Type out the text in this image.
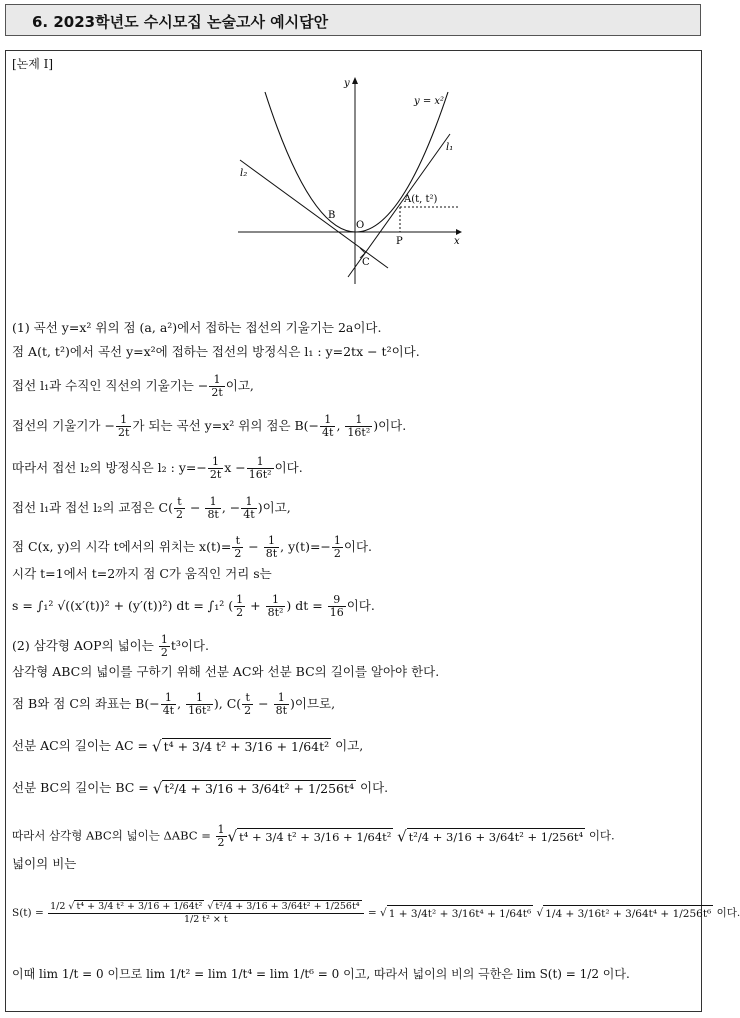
6. 2023학년도 수시모집 논술고사 예시답안
[논제 I]
y
x
y = x²
l₁
l₂
B
O
A(t, t²)
P
C
(1) 곡선 y=x² 위의 점 (a, a²)에서 접하는 접선의 기울기는 2a이다.
점 A(t, t²)에서 곡선 y=x²에 접하는 접선의 방정식은 l₁ : y=2tx − t²이다.
접선 l₁과 수직인 직선의 기울기는 − $\frac{1}{2t}$ 이고,
접선의 기울기가 − $\frac{1}{2t}$ 가 되는 곡선 y=x² 위의 점은 $B(- \frac{1}{4t}$ , $\frac{1}{\text{16t²}}$ )이다.
따라서 접선 l₂의 방정식은 l₂ : $y=- \frac{1}{2t}$ $x - \frac{1}{\text{16t²}}$ 이다.
접선 l₁과 접선 l₂의 교점은 $C( \frac{t}{2} - \frac{1}{8t}$ , − $\frac{1}{4t}$ )이고,
점 C(x, y)의 시각 t에서의 위치는 $x(t)= \frac{t}{2} - \frac{1}{8t}$ , $y(t)=- \frac{1}{2}$ 이다.
시각 t=1에서 t=2까지 점 C가 움직인 거리 s는
s = ∫₁² √((x′(t))² + (y′(t))²) dt = ∫₁² ( $\frac{1}{2} + \frac{1}{\text{8t²}}$ ) dt = $\frac{9}{16}$ 이다.
(2) 삼각형 AOP의 넓이는 $\frac{1}{2} t^3$이다.
삼각형 ABC의 넓이를 구하기 위해 선분 AC와 선분 BC의 길이를 알아야 한다.
점 B와 점 C의 좌표는 $B(- \frac{1}{4t}$ , $\frac{1}{\text{16t²}}$ ), $C( \frac{t}{2} - \frac{1}{8t}$ )이므로,
선분 AC의 길이는 AC = √ t⁴ + 3/4 t² + 3/16 + 1/64t² 이고,
선분 BC의 길이는 BC = √ t²/4 + 3/16 + 3/64t² + 1/256t⁴ 이다.
따라서 삼각형 ABC의 넓이는 $\Delta ABC = \frac{1}{2}$ √ t⁴ + 3/4 t² + 3/16 + 1/64t² √ t²/4 + 3/16 + 3/64t² + 1/256t⁴ 이다.
넓이의 비는
S(t) =
1/2 √ t⁴ + 3/4 t² + 3/16 + 1/64t² √ t²/4 + 3/16 + 3/64t² + 1/256t⁴
1/2 t² × t
= √ 1 + 3/4t² + 3/16t⁴ + 1/64t⁶ √ 1/4 + 3/16t² + 3/64t⁴ + 1/256t⁶ 이다.
이때 lim 1/t = 0 이므로 lim 1/t² = lim 1/t⁴ = lim 1/t⁶ = 0 이고, 따라서 넓이의 비의 극한은 lim S(t) = 1/2 이다.
